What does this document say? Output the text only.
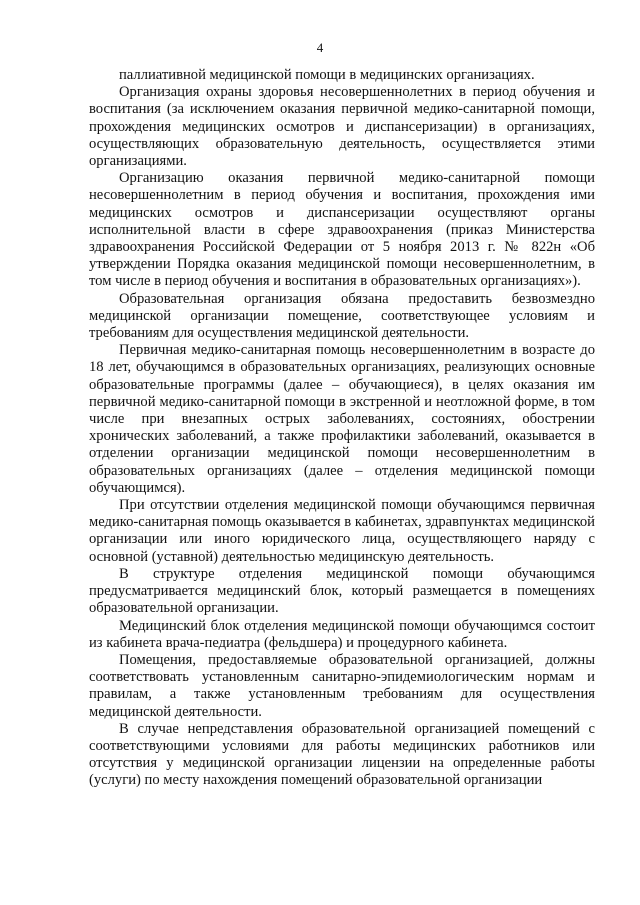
4

паллиативной медицинской помощи в медицинских организациях.

Организация охраны здоровья несовершеннолетних в период обучения и воспитания (за исключением оказания первичной медико-санитарной помощи, прохождения медицинских осмотров и диспансеризации) в организациях, осуществляющих образовательную деятельность, осуществляется этими организациями.

Организацию оказания первичной медико-санитарной помощи несовершеннолетним в период обучения и воспитания, прохождения ими медицинских осмотров и диспансеризации осуществляют органы исполнительной власти в сфере здравоохранения (приказ Министерства здравоохранения Российской Федерации от 5 ноября 2013 г. № 822н «Об утверждении Порядка оказания медицинской помощи несовершеннолетним, в том числе в период обучения и воспитания в образовательных организациях»).

Образовательная организация обязана предоставить безвозмездно медицинской организации помещение, соответствующее условиям и требованиям для осуществления медицинской деятельности.

Первичная медико-санитарная помощь несовершеннолетним в возрасте до 18 лет, обучающимся в образовательных организациях, реализующих основные образовательные программы (далее – обучающиеся), в целях оказания им первичной медико-санитарной помощи в экстренной и неотложной форме, в том числе при внезапных острых заболеваниях, состояниях, обострении хронических заболеваний, а также профилактики заболеваний, оказывается в отделении организации медицинской помощи несовершеннолетним в образовательных организациях (далее – отделения медицинской помощи обучающимся).

При отсутствии отделения медицинской помощи обучающимся первичная медико-санитарная помощь оказывается в кабинетах, здравпунктах медицинской организации или иного юридического лица, осуществляющего наряду с основной (уставной) деятельностью медицинскую деятельность.

В структуре отделения медицинской помощи обучающимся предусматривается медицинский блок, который размещается в помещениях образовательной организации.

Медицинский блок отделения медицинской помощи обучающимся состоит из кабинета врача-педиатра (фельдшера) и процедурного кабинета.

Помещения, предоставляемые образовательной организацией, должны соответствовать установленным санитарно-эпидемиологическим нормам и правилам, а также установленным требованиям для осуществления медицинской деятельности.

В случае непредставления образовательной организацией помещений с соответствующими условиями для работы медицинских работников или отсутствия у медицинской организации лицензии на определенные работы (услуги) по месту нахождения помещений образовательной организации
